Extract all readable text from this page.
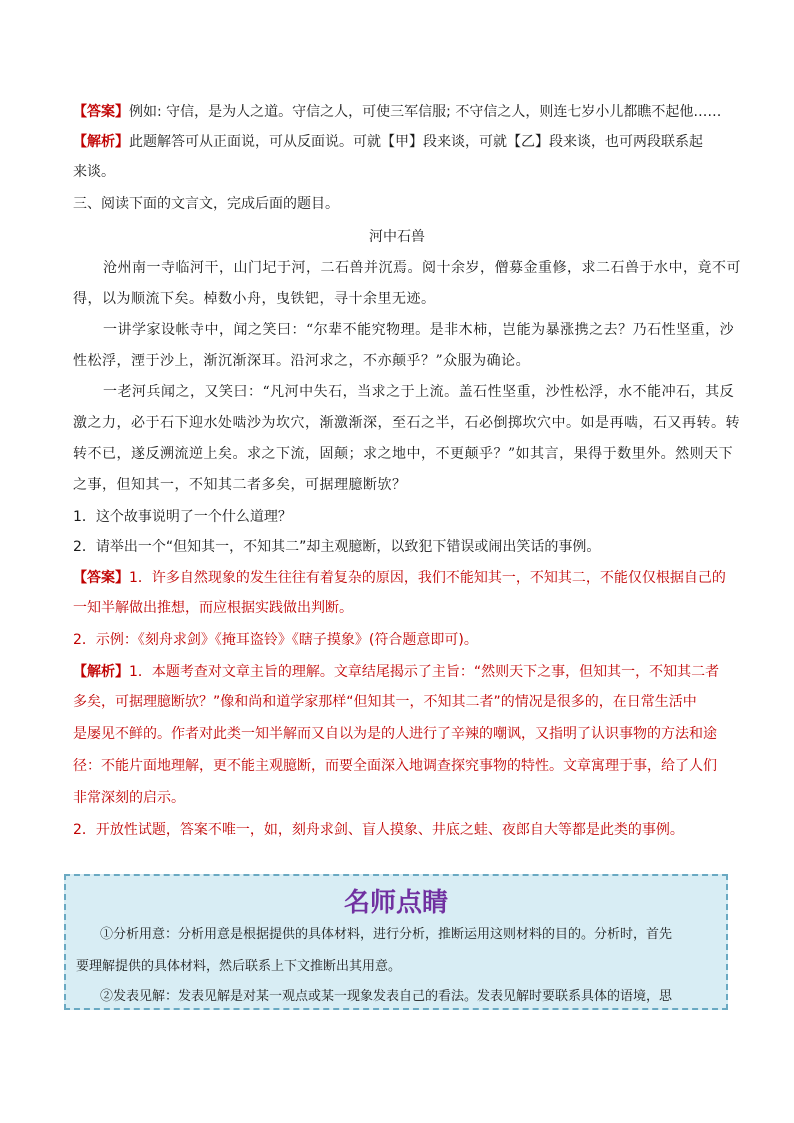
【答案】例如: 守信，是为人之道。守信之人，可使三军信服; 不守信之人，则连七岁小儿都瞧不起他……
【解析】此题解答可从正面说，可从反面说。可就【甲】段来谈，可就【乙】段来谈，也可两段联系起
来谈。
三、阅读下面的文言文，完成后面的题目。
河中石兽
沧州南一寺临河干，山门圮于河，二石兽并沉焉。阅十余岁，僧募金重修，求二石兽于水中，竟不可
得，以为顺流下矣。棹数小舟，曳铁钯，寻十余里无迹。
一讲学家设帐寺中，闻之笑曰：“尔辈不能究物理。是非木柿，岂能为暴涨携之去？乃石性坚重，沙
性松浮，湮于沙上，渐沉渐深耳。沿河求之，不亦颠乎？”众服为确论。
一老河兵闻之，又笑曰：“凡河中失石，当求之于上流。盖石性坚重，沙性松浮，水不能冲石，其反
激之力，必于石下迎水处啮沙为坎穴，渐激渐深，至石之半，石必倒掷坎穴中。如是再啮，石又再转。转
转不已，遂反溯流逆上矣。求之下流，固颠；求之地中，不更颠乎？”如其言，果得于数里外。然则天下
之事，但知其一，不知其二者多矣，可据理臆断欤？
1．这个故事说明了一个什么道理？
2．请举出一个“但知其一，不知其二”却主观臆断，以致犯下错误或闹出笑话的事例。
【答案】1．许多自然现象的发生往往有着复杂的原因，我们不能知其一，不知其二，不能仅仅根据自己的
一知半解做出推想，而应根据实践做出判断。
2．示例：《刻舟求剑》《掩耳盗铃》《瞎子摸象》(符合题意即可)。
【解析】1．本题考查对文章主旨的理解。文章结尾揭示了主旨：“然则天下之事，但知其一，不知其二者
多矣，可据理臆断欤？”像和尚和道学家那样“但知其一，不知其二者”的情况是很多的，在日常生活中
是屡见不鲜的。作者对此类一知半解而又自以为是的人进行了辛辣的嘲讽，又指明了认识事物的方法和途
径：不能片面地理解，更不能主观臆断，而要全面深入地调查探究事物的特性。文章寓理于事，给了人们
非常深刻的启示。
2．开放性试题，答案不唯一，如，刻舟求剑、盲人摸象、井底之蛙、夜郎自大等都是此类的事例。
名师点睛
①分析用意：分析用意是根据提供的具体材料，进行分析，推断运用这则材料的目的。分析时，首先
要理解提供的具体材料，然后联系上下文推断出其用意。
②发表见解：发表见解是对某一观点或某一现象发表自己的看法。发表见解时要联系具体的语境，思
